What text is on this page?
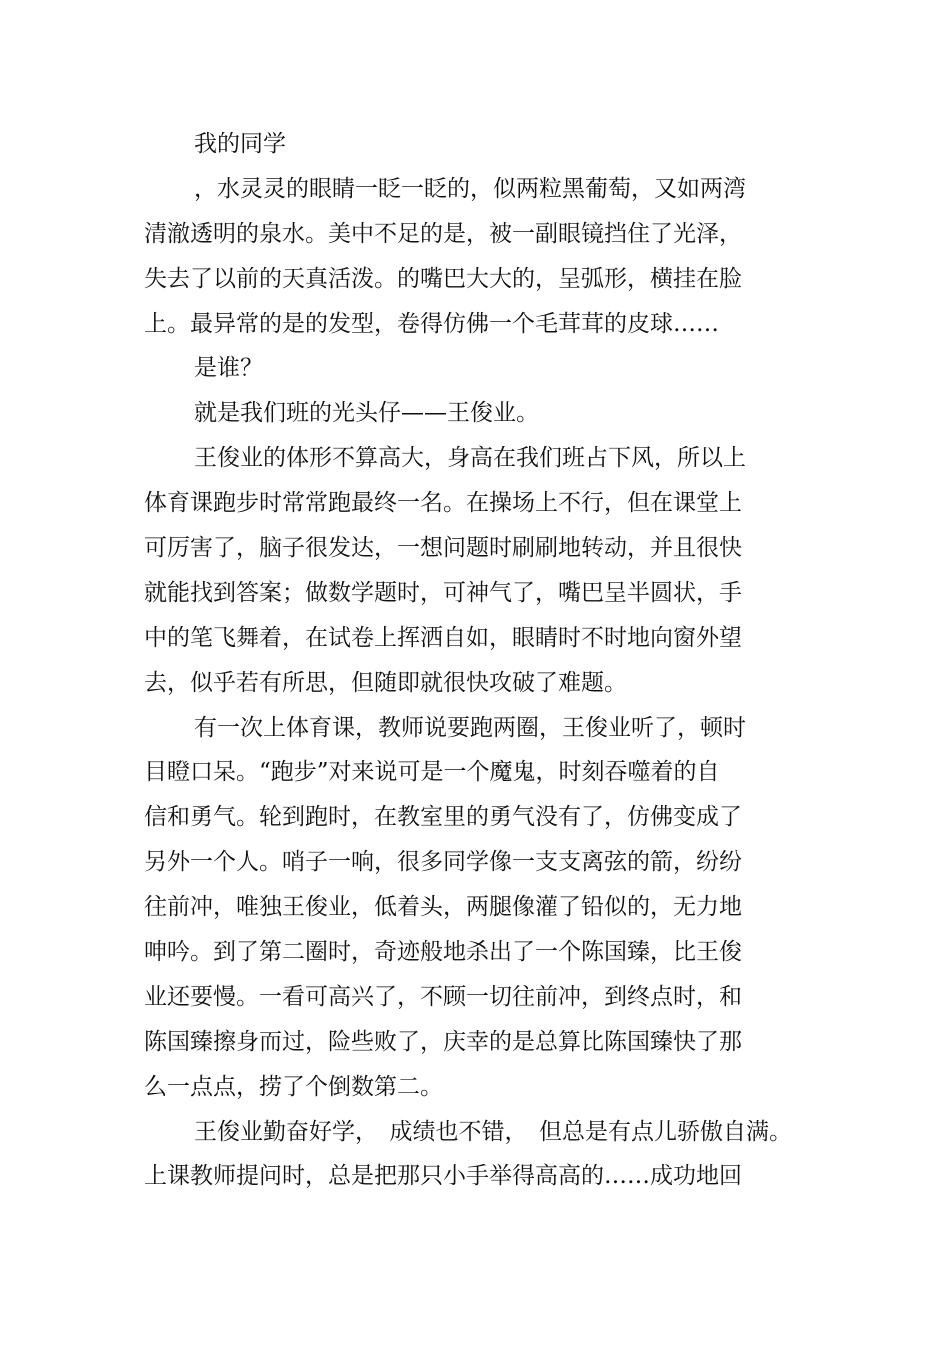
我的同学
，水灵灵的眼睛一眨一眨的，似两粒黑葡萄，又如两湾
清澈透明的泉水。美中不足的是，被一副眼镜挡住了光泽，
失去了以前的天真活泼。的嘴巴大大的，呈弧形，横挂在脸
上。最异常的是的发型，卷得仿佛一个毛茸茸的皮球……
是谁？
就是我们班的光头仔——王俊业。
王俊业的体形不算高大，身高在我们班占下风，所以上
体育课跑步时常常跑最终一名。在操场上不行，但在课堂上
可厉害了，脑子很发达，一想问题时刷刷地转动，并且很快
就能找到答案；做数学题时，可神气了，嘴巴呈半圆状，手
中的笔飞舞着，在试卷上挥洒自如，眼睛时不时地向窗外望
去，似乎若有所思，但随即就很快攻破了难题。
有一次上体育课，教师说要跑两圈，王俊业听了，顿时
目瞪口呆。“跑步”对来说可是一个魔鬼，时刻吞噬着的自
信和勇气。轮到跑时，在教室里的勇气没有了，仿佛变成了
另外一个人。哨子一响，很多同学像一支支离弦的箭，纷纷
往前冲，唯独王俊业，低着头，两腿像灌了铅似的，无力地
呻吟。到了第二圈时，奇迹般地杀出了一个陈国臻，比王俊
业还要慢。一看可高兴了，不顾一切往前冲，到终点时，和
陈国臻擦身而过，险些败了，庆幸的是总算比陈国臻快了那
么一点点，捞了个倒数第二。
王俊业勤奋好学，　成绩也不错，　但总是有点儿骄傲自满。
上课教师提问时，总是把那只小手举得高高的……成功地回
